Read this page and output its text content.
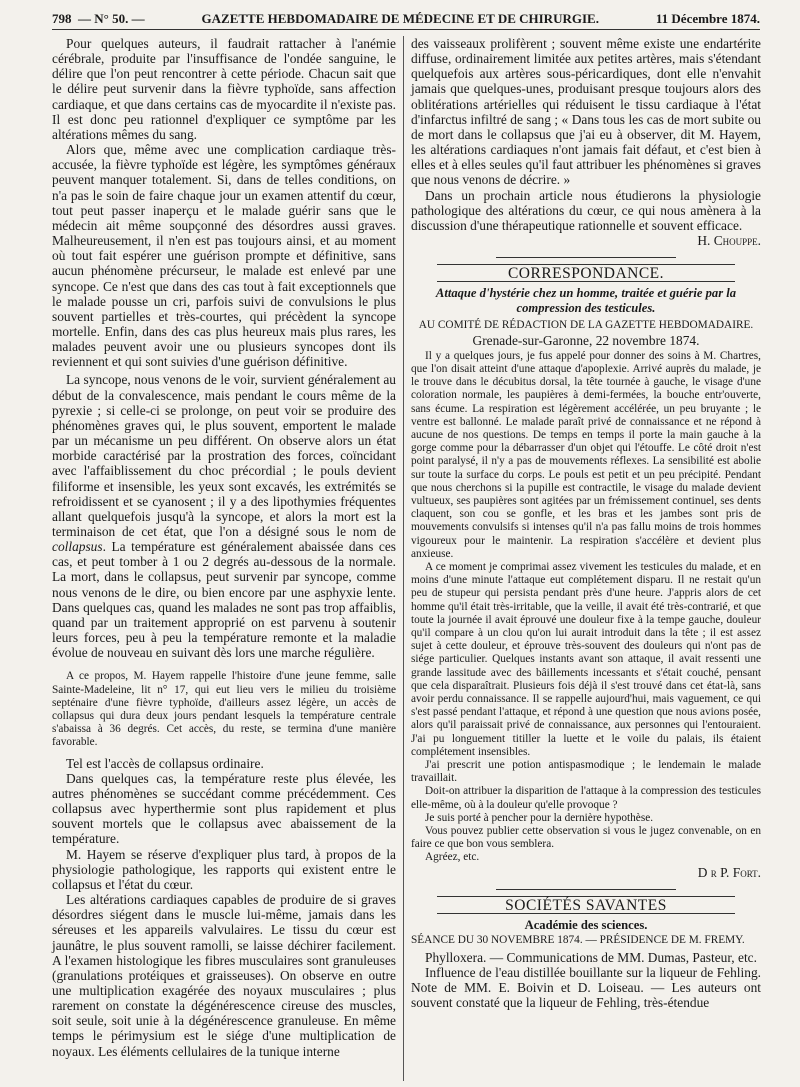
798 — N° 50. —	GAZETTE HEBDOMADAIRE DE MÉDECINE ET DE CHIRURGIE.	11 Décembre 1874.

Pour quelques auteurs, il faudrait rattacher à l'anémie cérébrale, produite par l'insuffisance de l'ondée sanguine, le délire que l'on peut rencontrer à cette période. Chacun sait que le délire peut survenir dans la fièvre typhoïde, sans affection cardiaque, et que dans certains cas de myocardite il n'existe pas. Il est donc peu rationnel d'expliquer ce symptôme par les altérations mêmes du sang.

Alors que, même avec une complication cardiaque très-accusée, la fièvre typhoïde est légère, les symptômes généraux peuvent manquer totalement. Si, dans de telles conditions, on n'a pas le soin de faire chaque jour un examen attentif du cœur, tout peut passer inaperçu et le malade guérir sans que le médecin ait même soupçonné des désordres aussi graves. Malheureusement, il n'en est pas toujours ainsi, et au moment où tout fait espérer une guérison prompte et définitive, sans aucun phénomène précurseur, le malade est enlevé par une syncope. Ce n'est que dans des cas tout à fait exceptionnels que le malade pousse un cri, parfois suivi de convulsions le plus souvent partielles et très-courtes, qui précèdent la syncope mortelle. Enfin, dans des cas plus heureux mais plus rares, les malades peuvent avoir une ou plusieurs syncopes dont ils reviennent et qui sont suivies d'une guérison définitive.

La syncope, nous venons de le voir, survient généralement au début de la convalescence, mais pendant le cours même de la pyrexie ; si celle-ci se prolonge, on peut voir se produire des phénomènes graves qui, le plus souvent, emportent le malade par un mécanisme un peu différent. On observe alors un état morbide caractérisé par la prostration des forces, coïncidant avec l'affaiblissement du choc précordial ; le pouls devient filiforme et insensible, les yeux sont excavés, les extrémités se refroidissent et se cyanosent ; il y a des lipothymies fréquentes allant quelquefois jusqu'à la syncope, et alors la mort est la terminaison de cet état, que l'on a désigné sous le nom de collapsus. La température est généralement abaissée dans ces cas, et peut tomber à 1 ou 2 degrés au-dessous de la normale. La mort, dans le collapsus, peut survenir par syncope, comme nous venons de le dire, ou bien encore par une asphyxie lente. Dans quelques cas, quand les malades ne sont pas trop affaiblis, quand par un traitement approprié on est parvenu à soutenir leurs forces, peu à peu la température remonte et la maladie évolue de nouveau en suivant dès lors une marche régulière.

A ce propos, M. Hayem rappelle l'histoire d'une jeune femme, salle Sainte-Madeleine, lit n° 17, qui eut lieu vers le milieu du troisième septénaire d'une fièvre typhoïde, d'ailleurs assez légère, un accès de collapsus qui dura deux jours pendant lesquels la température centrale s'abaissa à 36 degrés. Cet accès, du reste, se termina d'une manière favorable.

Tel est l'accès de collapsus ordinaire.

Dans quelques cas, la température reste plus élevée, les autres phénomènes se succédant comme précédemment. Ces collapsus avec hyperthermie sont plus rapidement et plus souvent mortels que le collapsus avec abaissement de la température.

M. Hayem se réserve d'expliquer plus tard, à propos de la physiologie pathologique, les rapports qui existent entre le collapsus et l'état du cœur.

Les altérations cardiaques capables de produire de si graves désordres siégent dans le muscle lui-même, jamais dans les séreuses et les appareils valvulaires. Le tissu du cœur est jaunâtre, le plus souvent ramolli, se laisse déchirer facilement. A l'examen histologique les fibres musculaires sont granuleuses (granulations protéiques et graisseuses). On observe en outre une multiplication exagérée des noyaux musculaires ; plus rarement on constate la dégénérescence cireuse des muscles, soit seule, soit unie à la dégénérescence granuleuse. En même temps le périmysium est le siége d'une multiplication de noyaux. Les éléments cellulaires de la tunique interne

des vaisseaux prolifèrent ; souvent même existe une endartérite diffuse, ordinairement limitée aux petites artères, mais s'étendant quelquefois aux artères sous-péricardiques, dont elle n'envahit jamais que quelques-unes, produisant presque toujours alors des oblitérations artérielles qui réduisent le tissu cardiaque à l'état d'infarctus infiltré de sang ; « Dans tous les cas de mort subite ou de mort dans le collapsus que j'ai eu à observer, dit M. Hayem, les altérations cardiaques n'ont jamais fait défaut, et c'est bien à elles et à elles seules qu'il faut attribuer les phénomènes si graves que nous venons de décrire. »

Dans un prochain article nous étudierons la physiologie pathologique des altérations du cœur, ce qui nous amènera à la discussion d'une thérapeutique rationnelle et souvent efficace.

H. Chouppe.

CORRESPONDANCE.
Attaque d'hystérie chez un homme, traitée et guérie par la compression des testicules.
AU COMITÉ DE RÉDACTION DE LA GAZETTE HEBDOMADAIRE.
Grenade-sur-Garonne, 22 novembre 1874.

Il y a quelques jours, je fus appelé pour donner des soins à M. Chartres, que l'on disait atteint d'une attaque d'apoplexie. Arrivé auprès du malade, je le trouve dans le décubitus dorsal, la tête tournée à gauche, le visage d'une coloration normale, les paupières à demi-fermées, la bouche entr'ouverte, sans écume. La respiration est légèrement accélérée, un peu bruyante ; le ventre est ballonné. Le malade paraît privé de connaissance et ne répond à aucune de nos questions. De temps en temps il porte la main gauche à la gorge comme pour la débarrasser d'un objet qui l'étouffe. Le côté droit n'est point paralysé, il n'y a pas de mouvements réflexes. La sensibilité est abolie sur toute la surface du corps. Le pouls est petit et un peu précipité. Pendant que nous cherchons si la pupille est contractile, le visage du malade devient vultueux, ses paupières sont agitées par un frémissement continuel, ses dents claquent, son cou se gonfle, et les bras et les jambes sont pris de mouvements convulsifs si intenses qu'il n'a pas fallu moins de trois hommes vigoureux pour le maintenir. La respiration s'accélère et devient plus anxieuse.

A ce moment je comprimai assez vivement les testicules du malade, et en moins d'une minute l'attaque eut complétement disparu. Il ne restait qu'un peu de stupeur qui persista pendant près d'une heure. J'appris alors de cet homme qu'il était très-irritable, que la veille, il avait été très-contrarié, et que toute la journée il avait éprouvé une douleur fixe à la tempe gauche, douleur qu'il compare à un clou qu'on lui aurait introduit dans la tête ; il est assez sujet à cette douleur, et éprouve très-souvent des douleurs qui n'ont pas de siége particulier. Quelques instants avant son attaque, il avait ressenti une grande lassitude avec des bâillements incessants et s'était couché, pensant que cela disparaîtrait. Plusieurs fois déjà il s'est trouvé dans cet état-là, sans avoir perdu connaissance. Il se rappelle aujourd'hui, mais vaguement, ce qui s'est passé pendant l'attaque, et répond à une question que nous avions posée, alors qu'il paraissait privé de connaissance, aux personnes qui l'entouraient. J'ai pu longuement titiller la luette et le voile du palais, ils étaient complétement insensibles.

J'ai prescrit une potion antispasmodique ; le lendemain le malade travaillait.

Doit-on attribuer la disparition de l'attaque à la compression des testicules elle-même, où à la douleur qu'elle provoque ?

Je suis porté à pencher pour la dernière hypothèse.

Vous pouvez publier cette observation si vous le jugez convenable, on en faire ce que bon vous semblera.

Agréez, etc.

D r P. Fort.

SOCIÉTÉS SAVANTES
Académie des sciences.
SÉANCE DU 30 NOVEMBRE 1874. — PRÉSIDENCE DE M. FREMY.

Phylloxera. — Communications de MM. Dumas, Pasteur, etc.

Influence de l'eau distillée bouillante sur la liqueur de Fehling. Note de MM. E. Boivin et D. Loiseau. — Les auteurs ont souvent constaté que la liqueur de Fehling, très-étendue
